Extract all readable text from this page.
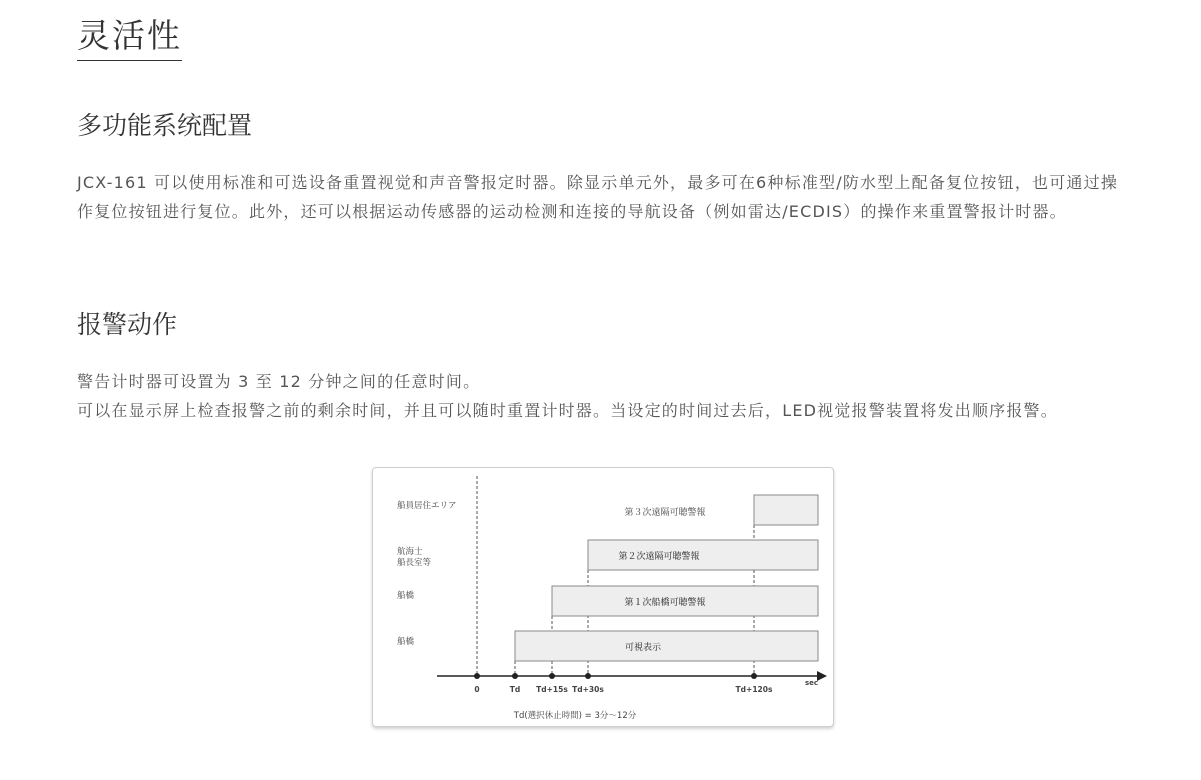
灵活性
多功能系统配置

JCX-161 可以使用标准和可选设备重置视觉和声音警报定时器。除显示单元外，最多可在6种标准型/防水型上配备复位按钮，也可通过操作复位按钮进行复位。此外，还可以根据运动传感器的运动检测和连接的导航设备（例如雷达/ECDIS）的操作来重置警报计时器。

报警动作

警告计时器可设置为 3 至 12 分钟之间的任意时间。

可以在显示屏上检查报警之前的剩余时间，并且可以随时重置计时器。当设定的时间过去后，LED视觉报警装置将发出顺序报警。

船員居住エリア
航海士
船長室等
船橋
船橋
第３次遠隔可聴警報
第２次遠隔可聴警報
第１次船橋可聴警報
可視表示
sec
0	Td Td+15s Td+30s	Td+120s
Td(選択休止時間) = 3分〜12分
